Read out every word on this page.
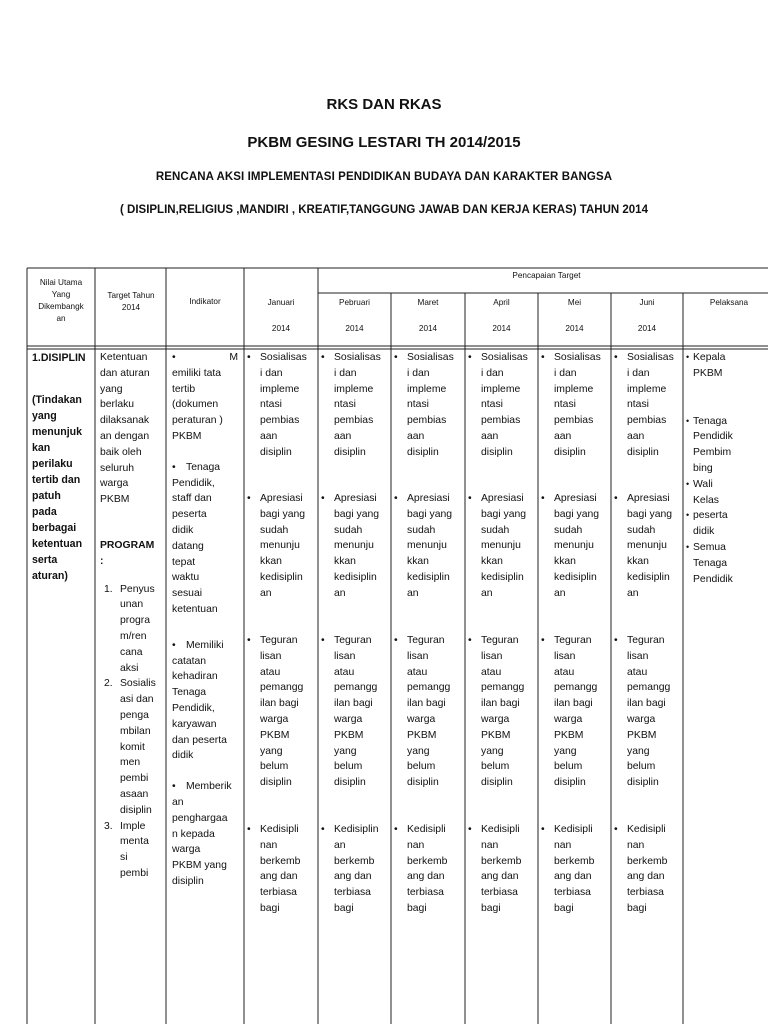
RKS DAN RKAS
PKBM GESING LESTARI TH 2014/2015
RENCANA AKSI IMPLEMENTASI PENDIDIKAN BUDAYA DAN KARAKTER BANGSA
( DISIPLIN,RELIGIUS ,MANDIRI , KREATIF,TANGGUNG JAWAB DAN KERJA KERAS) TAHUN 2014
Nilai Utama
Yang
Dikembangk
an
Target Tahun
2014
Indikator
Pencapaian Target
Januari
2014
Pebruari
2014
Maret
2014
April
2014
Mei
2014
Juni
2014
Pelaksana
1.DISIPLIN
(Tindakan
yang
menunjuk
kan
perilaku
tertib dan
patuh
pada
berbagai
ketentuan
serta
aturan)
Ketentuan
dan aturan
yang
berlaku
dilaksanak
an dengan
baik oleh
seluruh
warga
PKBM
PROGRAM
:
1. Penyus
unan
progra
m/ren
cana
aksi
2. Sosialis
asi dan
penga
mbilan
komit
men
pembi
asaan
disiplin
3. Imple
menta
si
pembi
•	M
emiliki tata
tertib
(dokumen
peraturan )
PKBM
• Tenaga
Pendidik,
staff dan
peserta
didik
datang
tepat
waktu
sesuai
ketentuan
• Memiliki
catatan
kehadiran
Tenaga
Pendidik,
karyawan
dan peserta
didik
• Memberik
an
penghargaa
n kepada
warga
PKBM yang
disiplin
• Sosialisas
i dan
impleme
ntasi
pembias
aan
disiplin
• Apresiasi
bagi yang
sudah
menunju
kkan
kedisiplin
an
• Teguran
lisan
atau
pemangg
ilan bagi
warga
PKBM
yang
belum
disiplin
• Kedisipli
nan
berkemb
ang dan
terbiasa
bagi
• Sosialisas
i dan
impleme
ntasi
pembias
aan
disiplin
• Apresiasi
bagi yang
sudah
menunju
kkan
kedisiplin
an
• Teguran
lisan
atau
pemangg
ilan bagi
warga
PKBM
yang
belum
disiplin
• Kedisiplin
an
berkemb
ang dan
terbiasa
bagi
• Sosialisas
i dan
impleme
ntasi
pembias
aan
disiplin
• Apresiasi
bagi yang
sudah
menunju
kkan
kedisiplin
an
• Teguran
lisan
atau
pemangg
ilan bagi
warga
PKBM
yang
belum
disiplin
• Kedisipli
nan
berkemb
ang dan
terbiasa
bagi
• Sosialisas
i dan
impleme
ntasi
pembias
aan
disiplin
• Apresiasi
bagi yang
sudah
menunju
kkan
kedisiplin
an
• Teguran
lisan
atau
pemangg
ilan bagi
warga
PKBM
yang
belum
disiplin
• Kedisipli
nan
berkemb
ang dan
terbiasa
bagi
• Sosialisas
i dan
impleme
ntasi
pembias
aan
disiplin
• Apresiasi
bagi yang
sudah
menunju
kkan
kedisiplin
an
• Teguran
lisan
atau
pemangg
ilan bagi
warga
PKBM
yang
belum
disiplin
• Kedisipli
nan
berkemb
ang dan
terbiasa
bagi
• Sosialisas
i dan
impleme
ntasi
pembias
aan
disiplin
• Apresiasi
bagi yang
sudah
menunju
kkan
kedisiplin
an
• Teguran
lisan
atau
pemangg
ilan bagi
warga
PKBM
yang
belum
disiplin
• Kedisipli
nan
berkemb
ang dan
terbiasa
bagi
• Kepala
PKBM
• Tenaga
Pendidik
Pembim
bing
• Wali
Kelas
• peserta
didik
• Semua
Tenaga
Pendidik
